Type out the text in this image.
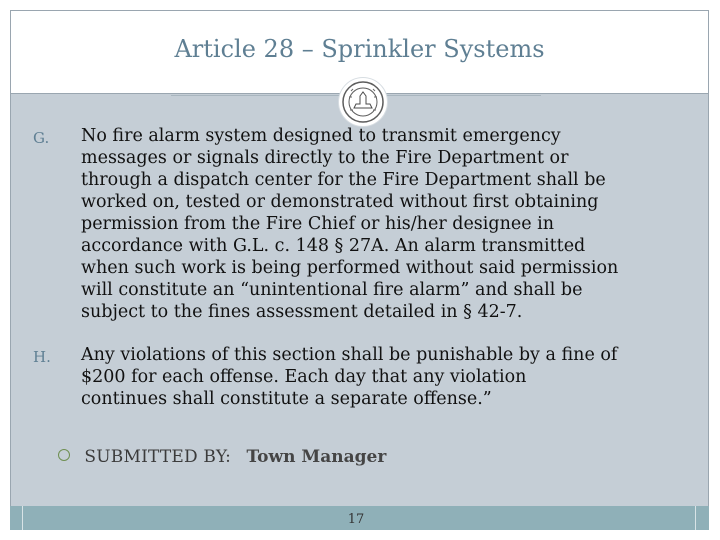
Article 28 – Sprinkler Systems
G. No fire alarm system designed to transmit emergency
messages or signals directly to the Fire Department or
through a dispatch center for the Fire Department shall be
worked on, tested or demonstrated without first obtaining
permission from the Fire Chief or his/her designee in
accordance with G.L. c. 148 § 27A. An alarm transmitted
when such work is being performed without said permission
will constitute an “unintentional fire alarm” and shall be
subject to the fines assessment detailed in § 42-7.
H. Any violations of this section shall be punishable by a fine of
$200 for each offense. Each day that any violation
continues shall constitute a separate offense.”
SUBMITTED BY: Town Manager
17
